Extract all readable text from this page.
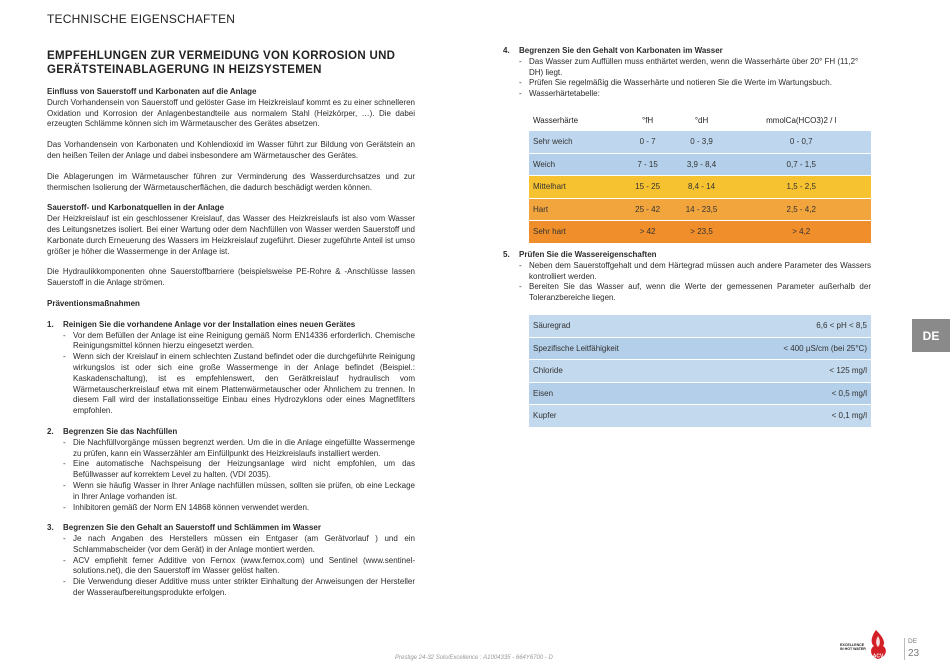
TECHNISCHE EIGENSCHAFTEN
EMPFEHLUNGEN ZUR VERMEIDUNG VON KORROSION UND GERÄTSTEINABLAGERUNG IN HEIZSYSTEMEN

Einfluss von Sauerstoff und Karbonaten auf die Anlage

Durch Vorhandensein von Sauerstoff und gelöster Gase im Heizkreislauf kommt es zu einer schnelleren Oxidation und Korrosion der Anlagenbestandteile aus normalem Stahl (Heizkörper, …). Die dabei erzeugten Schlämme können sich im Wärmetauscher des Gerätes absetzen.

Das Vorhandensein von Karbonaten und Kohlendioxid im Wasser führt zur Bildung von Gerätstein an den heißen Teilen der Anlage und dabei insbesondere am Wärmetauscher des Gerätes.

Die Ablagerungen im Wärmetauscher führen zur Verminderung des Wasserdurchsatzes und zur thermischen Isolierung der Wärmetauscherflächen, die dadurch beschädigt werden können.

Sauerstoff- und Karbonatquellen in der Anlage

Der Heizkreislauf ist ein geschlossener Kreislauf, das Wasser des Heizkreislaufs ist also vom Wasser des Leitungsnetzes isoliert. Bei einer Wartung oder dem Nachfüllen von Wasser werden Sauerstoff und Karbonate durch Erneuerung des Wassers im Heizkreislauf zugeführt. Dieser zugeführte Anteil ist umso größer je höher die Wassermenge in der Anlage ist.

Die Hydraulikkomponenten ohne Sauerstoffbarriere (beispielsweise PE-Rohre & -Anschlüsse lassen Sauerstoff in die Anlage strömen.

Präventionsmaßnahmen

1. Reinigen Sie die vorhandene Anlage vor der Installation eines neuen Gerätes

- Vor dem Befüllen der Anlage ist eine Reinigung gemäß Norm EN14336 erforderlich. Chemische Reinigungsmittel können hierzu eingesetzt werden.

- Wenn sich der Kreislauf in einem schlechten Zustand befindet oder die durchgeführte Reinigung wirkungslos ist oder sich eine große Wassermenge in der Anlage befindet (Beispiel.: Kaskadenschaltung), ist es empfehlenswert, den Gerätkreislauf hydraulisch vom Wärmetauscherkreislauf etwa mit einem Plattenwärmetauscher oder Ähnlichem zu trennen. In diesem Fall wird der installationsseitige Einbau eines Hydrozyklons oder eines Magnetfilters empfohlen.

2. Begrenzen Sie das Nachfüllen

- Die Nachfüllvorgänge müssen begrenzt werden. Um die in die Anlage eingefüllte Wassermenge zu prüfen, kann ein Wasserzähler am Einfüllpunkt des Heizkreislaufs installiert werden.

- Eine automatische Nachspeisung der Heizungsanlage wird nicht empfohlen, um das Befüllwasser auf korrektem Level zu halten. (VDI 2035).

- Wenn sie häufig Wasser in Ihrer Anlage nachfüllen müssen, sollten sie prüfen, ob eine Leckage in Ihrer Anlage vorhanden ist.

- Inhibitoren gemäß der Norm EN 14868 können verwendet werden.

3. Begrenzen Sie den Gehalt an Sauerstoff und Schlämmen im Wasser

- Je nach Angaben des Herstellers müssen ein Entgaser (am Gerätvorlauf ) und ein Schlammabscheider (vor dem Gerät) in der Anlage montiert werden.

- ACV empfiehlt ferner Additive von Fernox (www.fernox.com) und Sentinel (www.sentinel-solutions.net), die den Sauerstoff im Wasser gelöst halten.

- Die Verwendung dieser Additive muss unter strikter Einhaltung der Anweisungen der Hersteller der Wasseraufbereitungsprodukte erfolgen.

4. Begrenzen Sie den Gehalt von Karbonaten im Wasser

- Das Wasser zum Auffüllen muss enthärtet werden, wenn die Wasserhärte über 20° FH (11,2° DH) liegt.

- Prüfen Sie regelmäßig die Wasserhärte und notieren Sie die Werte im Wartungsbuch.

- Wasserhärtetabelle:

Wasserhärte	°fH	°dH	mmolCa(HCO3)2 / l
Sehr weich	0 - 7	0 - 3,9	0 - 0,7
Weich	7 - 15	3,9 - 8,4	0,7 - 1,5
Mittelhart	15 - 25	8,4 - 14	1,5 - 2,5
Hart	25 - 42	14 - 23,5	2,5 - 4,2
Sehr hart	> 42	> 23,5	> 4,2

5. Prüfen Sie die Wassereigenschaften

- Neben dem Sauerstoffgehalt und dem Härtegrad müssen auch andere Parameter des Wassers kontrolliert werden.

- Bereiten Sie das Wasser auf, wenn die Werte der gemessenen Parameter außerhalb der Toleranzbereiche liegen.

Säuregrad	6,6 < pH < 8,5
Spezifische Leitfähigkeit	< 400 µS/cm (bei 25°C)
Chloride	< 125 mg/l
Eisen	< 0,5 mg/l
Kupfer	< 0,1 mg/l
DE
Prestige 24-32 Solo/Excellence : A1004335 - 664Y6700 - D
EXCELLENCE
IN HOT WATER
ACV
DE
23
